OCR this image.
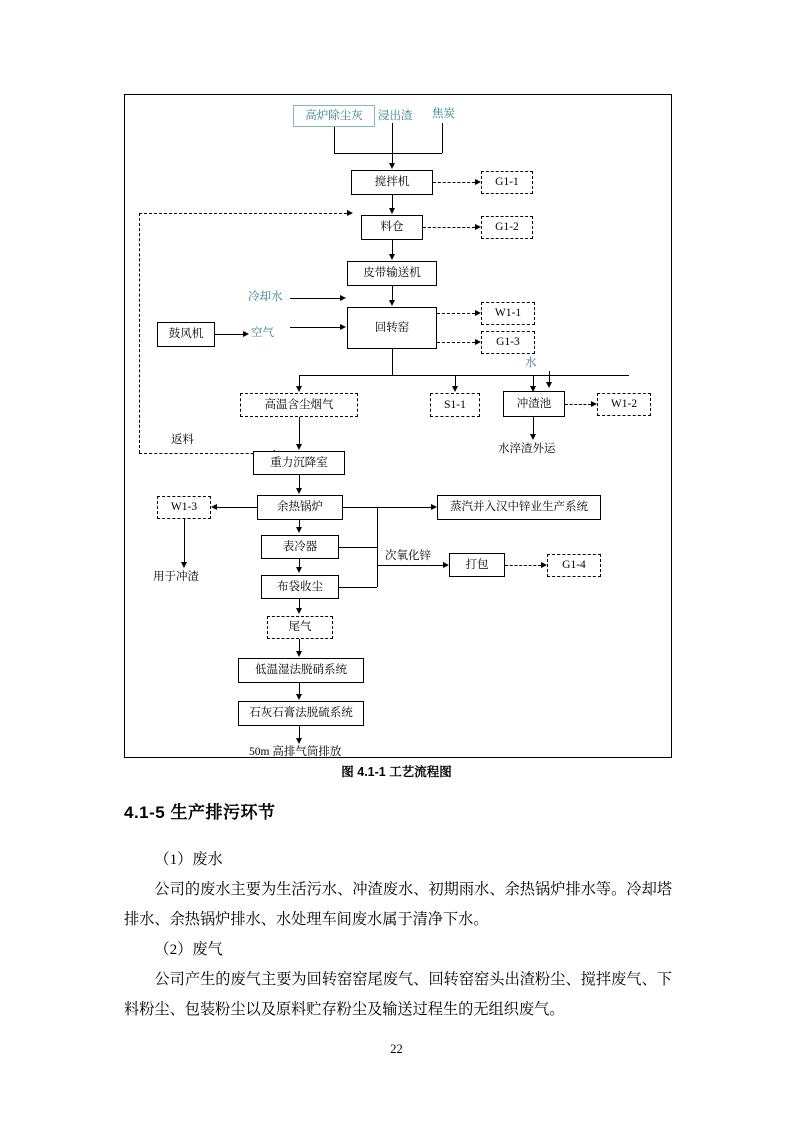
高炉除尘灰 浸出渣 焦炭
搅拌机	G1-1
料仓	G1-2
皮带输送机
冷却水
回转窑
W1-1
G1-3
鼓风机	空气
高温含尘烟气	S1-1	冲渣池
水
W1-2
水淬渣外运
返料
重力沉降室
余热锅炉
W1-3
用于冲渣
蒸汽并入汉中锌业生产系统
表冷器
布袋收尘
次氧化锌
打包	G1-4
尾气
低温湿法脱硝系统
石灰石膏法脱硫系统
50m 高排气筒排放
图 4.1-1 工艺流程图
4.1-5 生产排污环节

（1）废水

公司的废水主要为生活污水、冲渣废水、初期雨水、余热锅炉排水等。冷却塔排水、余热锅炉排水、水处理车间废水属于清净下水。

（2）废气

公司产生的废气主要为回转窑窑尾废气、回转窑窑头出渣粉尘、搅拌废气、下料粉尘、包装粉尘以及原料贮存粉尘及输送过程生的无组织废气。

22
